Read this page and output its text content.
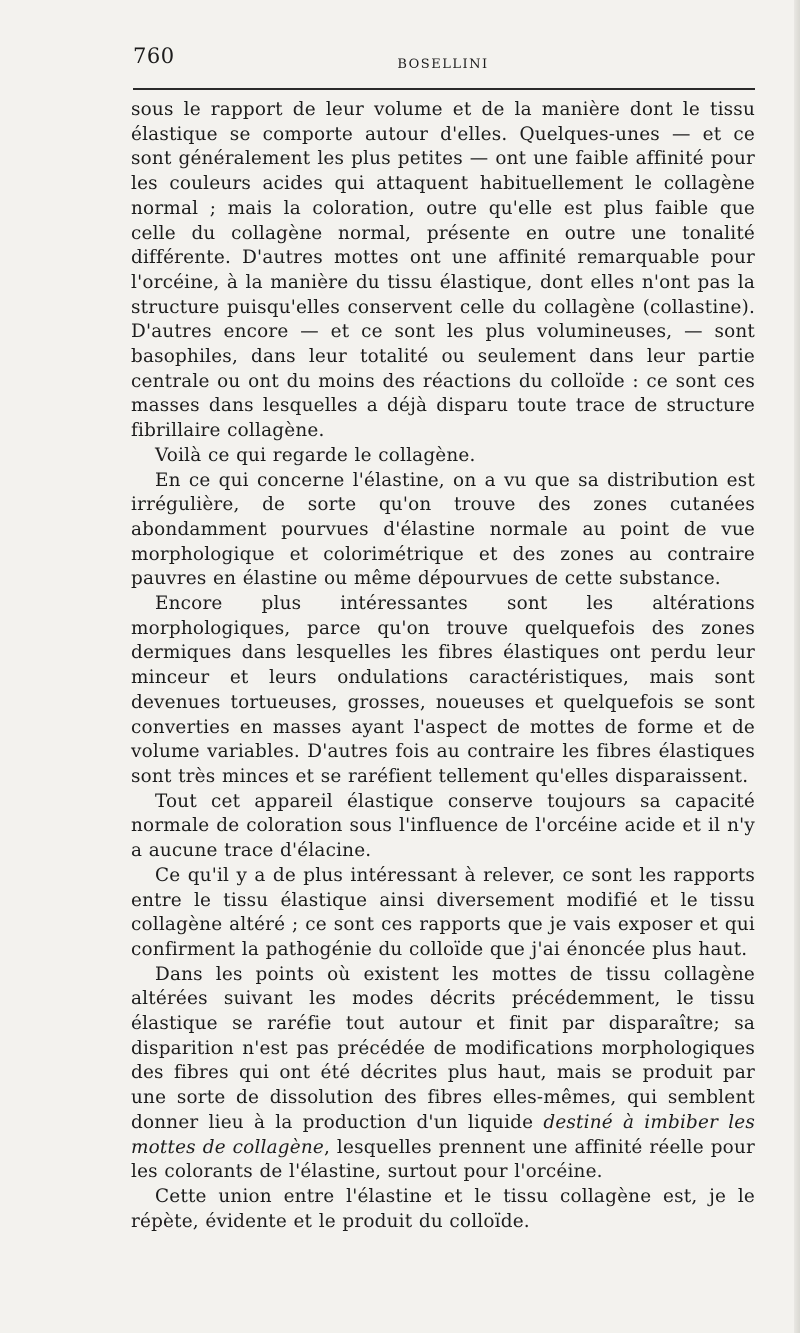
760	BOSELLINI

sous le rapport de leur volume et de la manière dont le tissu élastique se comporte autour d'elles. Quelques-unes — et ce sont généralement les plus petites — ont une faible affinité pour les couleurs acides qui attaquent habituellement le collagène normal ; mais la coloration, outre qu'elle est plus faible que celle du collagène normal, présente en outre une tonalité différente. D'autres mottes ont une affinité remarquable pour l'orcéine, à la manière du tissu élastique, dont elles n'ont pas la structure puisqu'elles conservent celle du collagène (collastine). D'autres encore — et ce sont les plus volumineuses, — sont basophiles, dans leur totalité ou seulement dans leur partie centrale ou ont du moins des réactions du colloïde : ce sont ces masses dans lesquelles a déjà disparu toute trace de structure fibrillaire collagène.

Voilà ce qui regarde le collagène.

En ce qui concerne l'élastine, on a vu que sa distribution est irrégulière, de sorte qu'on trouve des zones cutanées abondamment pourvues d'élastine normale au point de vue morphologique et colorimétrique et des zones au contraire pauvres en élastine ou même dépourvues de cette substance.

Encore plus intéressantes sont les altérations morphologiques, parce qu'on trouve quelquefois des zones dermiques dans lesquelles les fibres élastiques ont perdu leur minceur et leurs ondulations caractéristiques, mais sont devenues tortueuses, grosses, noueuses et quelquefois se sont converties en masses ayant l'aspect de mottes de forme et de volume variables. D'autres fois au contraire les fibres élastiques sont très minces et se raréfient tellement qu'elles disparaissent.

Tout cet appareil élastique conserve toujours sa capacité normale de coloration sous l'influence de l'orcéine acide et il n'y a aucune trace d'élacine.

Ce qu'il y a de plus intéressant à relever, ce sont les rapports entre le tissu élastique ainsi diversement modifié et le tissu collagène altéré ; ce sont ces rapports que je vais exposer et qui confirment la pathogénie du colloïde que j'ai énoncée plus haut.

Dans les points où existent les mottes de tissu collagène altérées suivant les modes décrits précédemment, le tissu élastique se raréfie tout autour et finit par disparaître; sa disparition n'est pas précédée de modifications morphologiques des fibres qui ont été décrites plus haut, mais se produit par une sorte de dissolution des fibres elles-mêmes, qui semblent donner lieu à la production d'un liquide destiné à imbiber les mottes de collagène, lesquelles prennent une affinité réelle pour les colorants de l'élastine, surtout pour l'orcéine.

Cette union entre l'élastine et le tissu collagène est, je le répète, évidente et le produit du colloïde.
